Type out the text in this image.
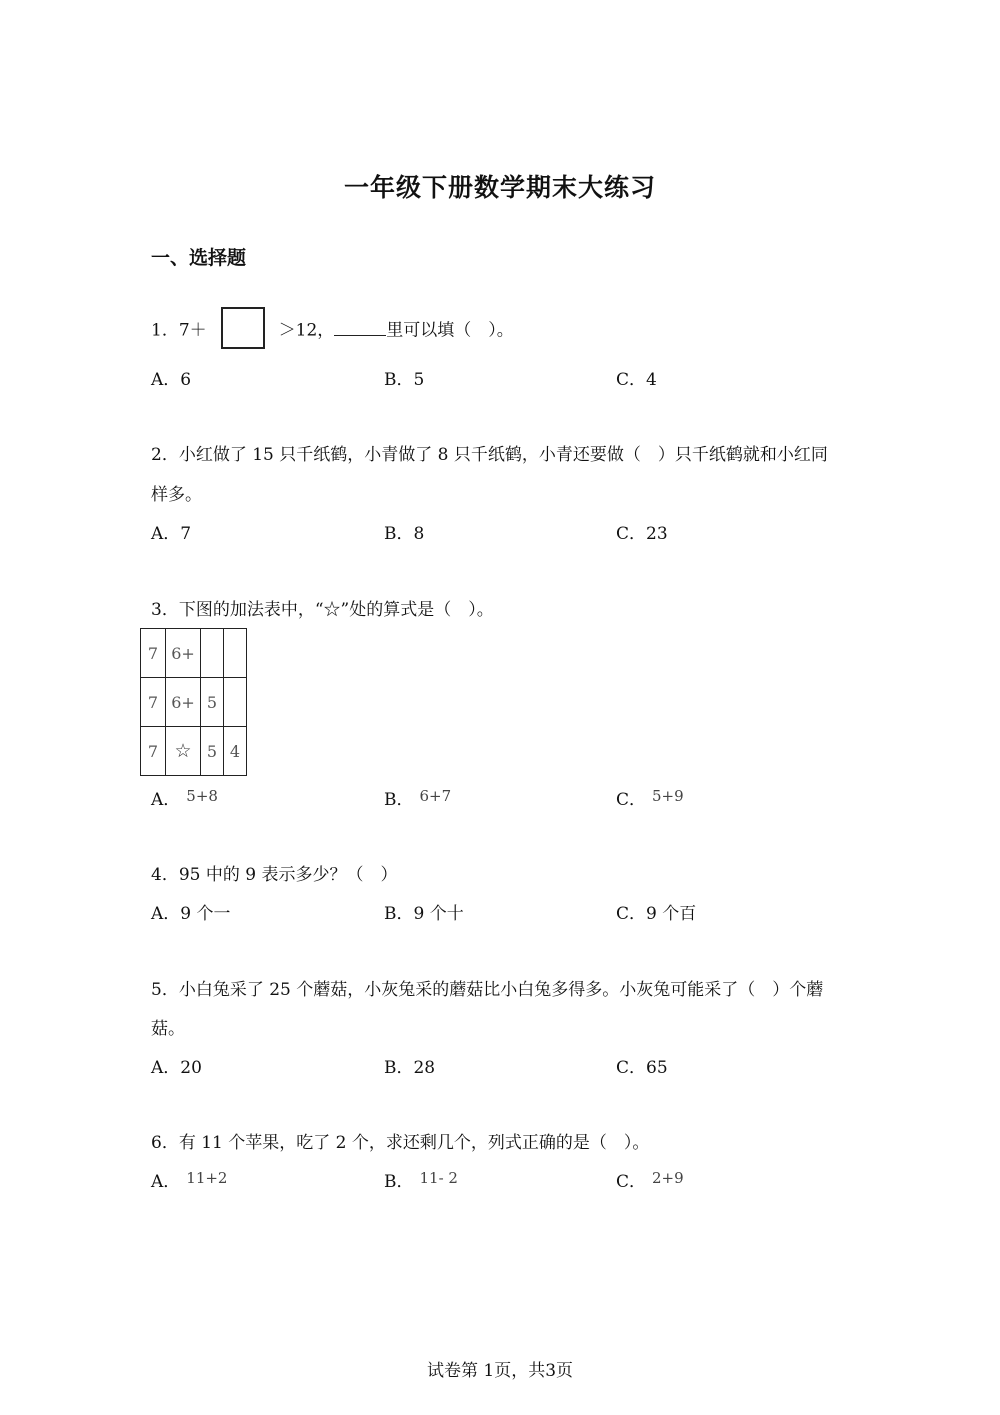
一年级下册数学期末大练习
一、选择题
1．7＋	＞12，	里可以填（　）。
A．6	B．5	C．4
2．小红做了 15 只千纸鹤，小青做了 8 只千纸鹤，小青还要做（　）只千纸鹤就和小红同
样多。
A．7	B．8	C．23
3．下图的加法表中，“☆”处的算式是（　）。
7	6+		
7	6+	5	
7	☆	5	4
A． 5+8	B． 6+7	C． 5+9
4．95 中的 9 表示多少？（　）
A．9 个一	B．9 个十	C．9 个百
5．小白兔采了 25 个蘑菇，小灰兔采的蘑菇比小白兔多得多。小灰兔可能采了（　）个蘑
菇。
A．20	B．28	C．65
6．有 11 个苹果，吃了 2 个，求还剩几个，列式正确的是（　）。
A． 11+2	B． 11- 2	C． 2+9
试卷第 1页，共3页
